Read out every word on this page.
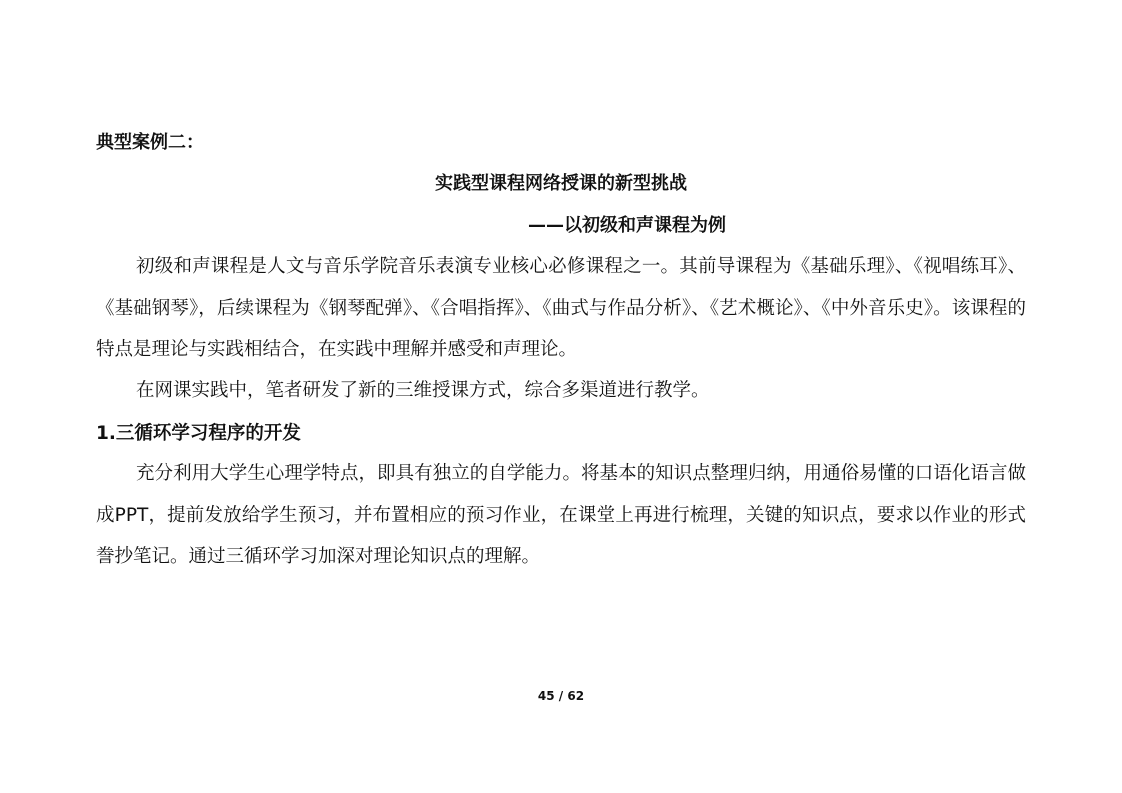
典型案例二：
实践型课程网络授课的新型挑战
——以初级和声课程为例

初级和声课程是人文与音乐学院音乐表演专业核心必修课程之一。其前导课程为《基础乐理》、《视唱练耳》、《基础钢琴》，后续课程为《钢琴配弹》、《合唱指挥》、《曲式与作品分析》、《艺术概论》、《中外音乐史》。该课程的特点是理论与实践相结合，在实践中理解并感受和声理论。

在网课实践中，笔者研发了新的三维授课方式，综合多渠道进行教学。

1.三循环学习程序的开发

充分利用大学生心理学特点，即具有独立的自学能力。将基本的知识点整理归纳，用通俗易懂的口语化语言做成PPT，提前发放给学生预习，并布置相应的预习作业，在课堂上再进行梳理，关键的知识点，要求以作业的形式誊抄笔记。通过三循环学习加深对理论知识点的理解。

45 / 62
